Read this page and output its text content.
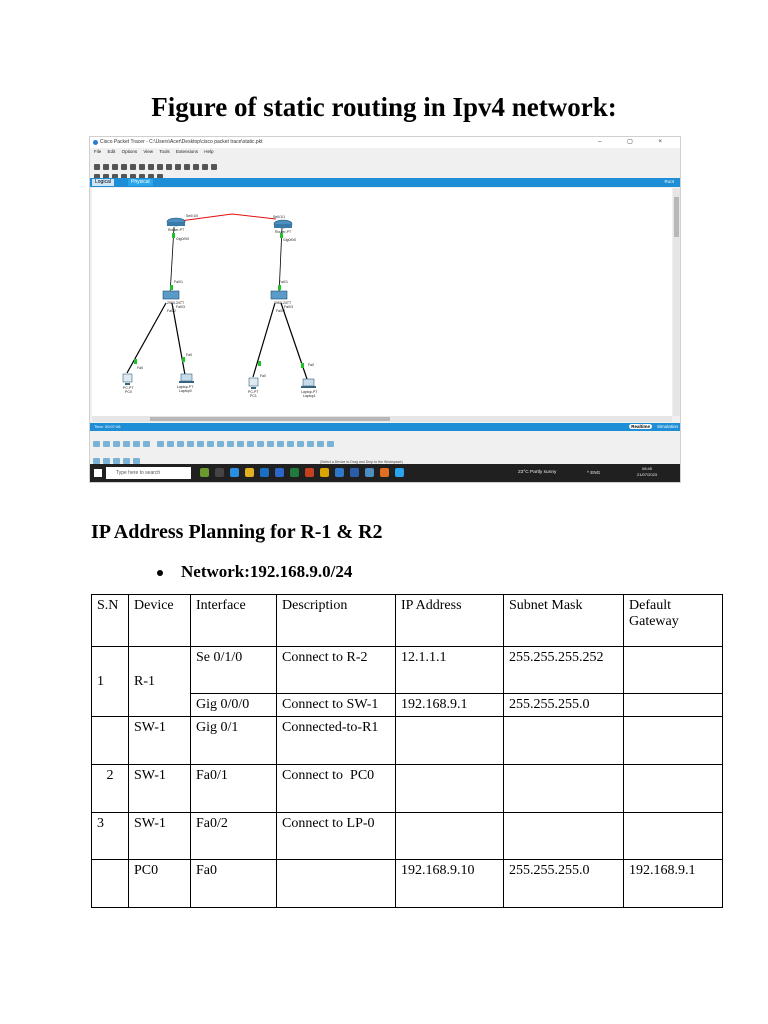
Figure of static routing in Ipv4 network:
Cisco Packet Tracer - C:\Users\Acer\Desktop\cisco packet trace\static.pkt	– ▢ ×
File Edit Options View Tools Extensions Help
Logical	Physical	Root
Se0/1/0
Router-PT
Gig0/0/0
Se0/1/1
Router-PT
Gig0/0/0
Fa0/1
2960-24TT
Fa0/3
Fa0/2
Fa0/1
2960-24TT
Fa0/3
Fa0/2
Fa0
PC-PT
PC0
Fa0
Laptop-PT
Laptop0
Fa0
PC-PT
PC1
Fa0
Laptop-PT
Laptop1
Time: 00:07:06	Realtime	Simulation

(Select a Device to Drag and Drop to the Workspace)
Type here to search	23°C Partly sunny	^ ENG
08:45
21/07/2023
IP Address Planning for R-1 & R2
Network:192.168.9.0/24
S.N	Device	Interface	Description	IP Address	Subnet Mask	Default Gateway
1	R-1	Se 0/1/0	Connect to R-2	12.1.1.1	255.255.255.252	
		Gig 0/0/0	Connect to SW-1	192.168.9.1	255.255.255.0	
	SW-1	Gig 0/1	Connected-to-R1			
2	SW-1	Fa0/1	Connect to  PC0			
3	SW-1	Fa0/2	Connect to LP-0			
	PC0	Fa0		192.168.9.10	255.255.255.0	192.168.9.1
